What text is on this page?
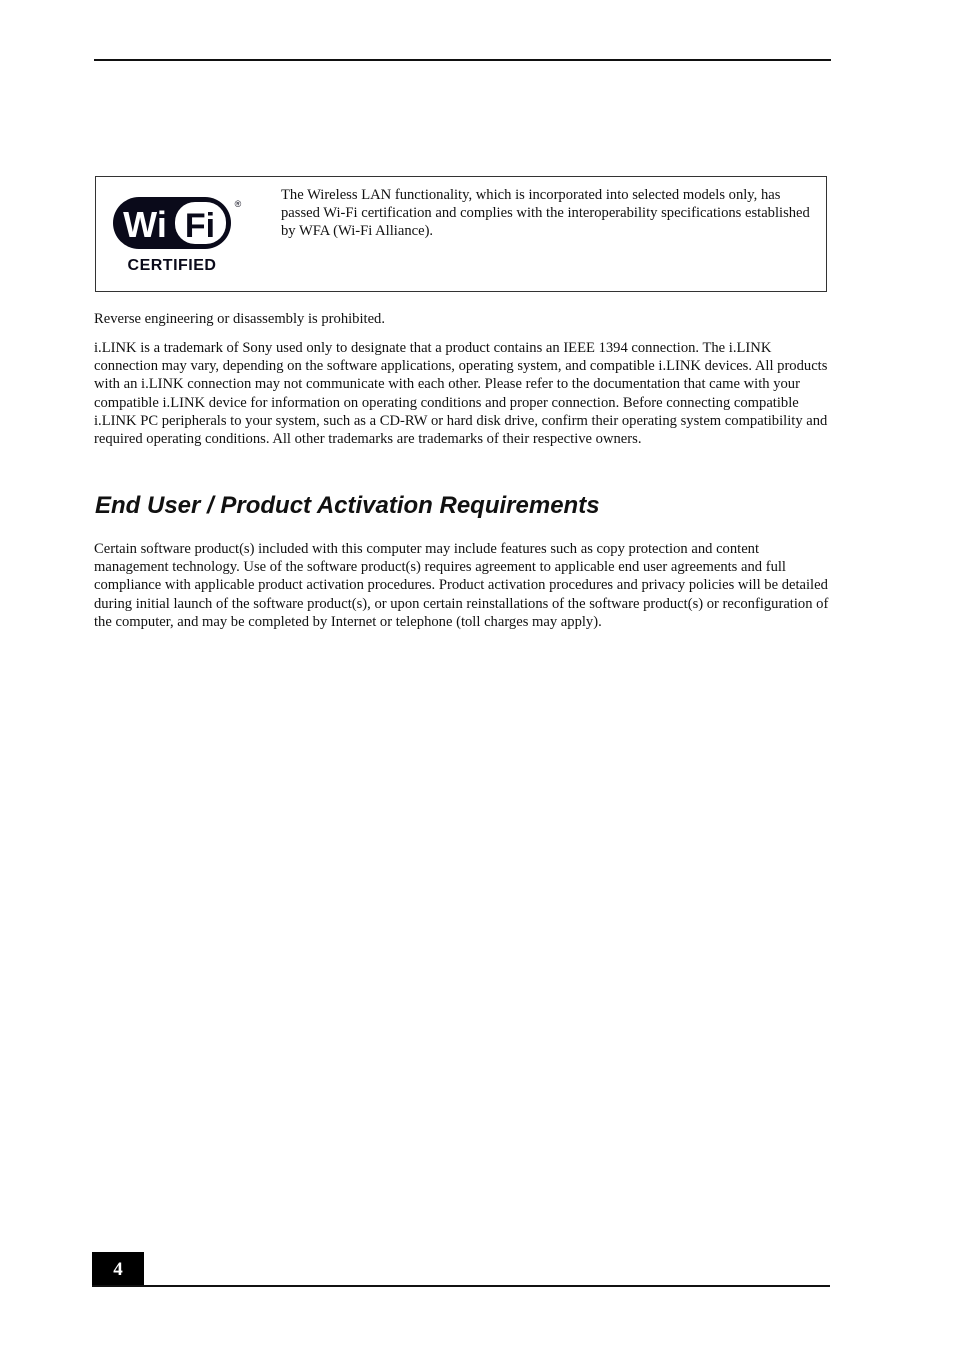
Wi Fi
®
CERTIFIED

The Wireless LAN functionality, which is incorporated into selected models only, has passed Wi-Fi certification and complies with the interoperability specifications established by WFA (Wi-Fi Alliance).

Reverse engineering or disassembly is prohibited.

i.LINK is a trademark of Sony used only to designate that a product contains an IEEE 1394 connection. The i.LINK connection may vary, depending on the software applications, operating system, and compatible i.LINK devices. All products with an i.LINK connection may not communicate with each other. Please refer to the documentation that came with your compatible i.LINK device for information on operating conditions and proper connection. Before connecting compatible i.LINK PC peripherals to your system, such as a CD-RW or hard disk drive, confirm their operating system compatibility and required operating conditions. All other trademarks are trademarks of their respective owners.

End User / Product Activation Requirements

Certain software product(s) included with this computer may include features such as copy protection and content management technology. Use of the software product(s) requires agreement to applicable end user agreements and full compliance with applicable product activation procedures. Product activation procedures and privacy policies will be detailed during initial launch of the software product(s), or upon certain reinstallations of the software product(s) or reconfiguration of the computer, and may be completed by Internet or telephone (toll charges may apply).

4
